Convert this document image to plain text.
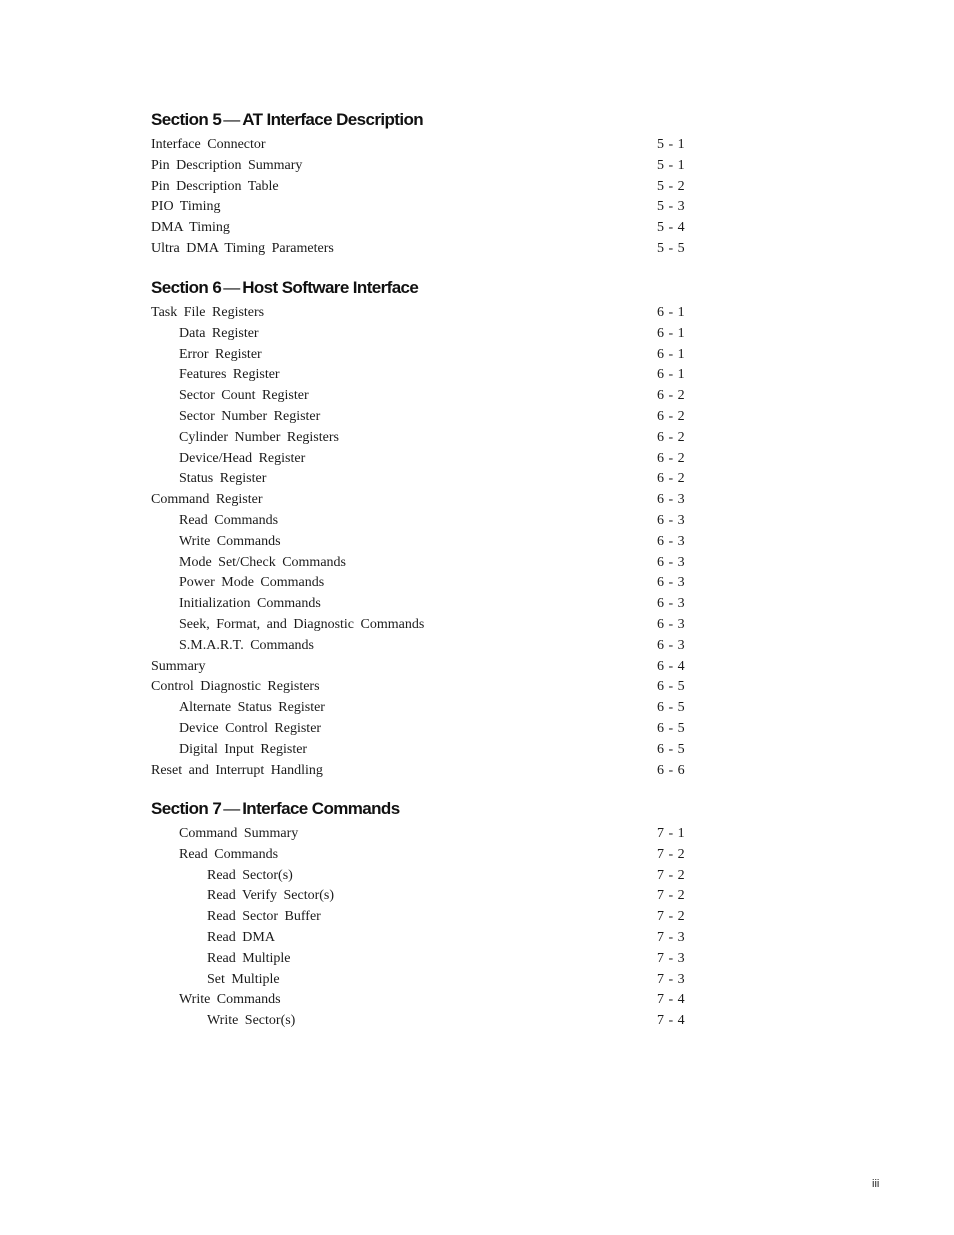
Section 5 — AT Interface Description
Interface Connector	5 - 1
Pin Description Summary	5 - 1
Pin Description Table	5 - 2
PIO Timing	5 - 3
DMA Timing	5 - 4
Ultra DMA Timing Parameters	5 - 5
Section 6 — Host Software Interface
Task File Registers	6 - 1
Data Register	6 - 1
Error Register	6 - 1
Features Register	6 - 1
Sector Count Register	6 - 2
Sector Number Register	6 - 2
Cylinder Number Registers	6 - 2
Device/Head Register	6 - 2
Status Register	6 - 2
Command Register	6 - 3
Read Commands	6 - 3
Write Commands	6 - 3
Mode Set/Check Commands	6 - 3
Power Mode Commands	6 - 3
Initialization Commands	6 - 3
Seek, Format, and Diagnostic Commands	6 - 3
S.M.A.R.T. Commands	6 - 3
Summary	6 - 4
Control Diagnostic Registers	6 - 5
Alternate Status Register	6 - 5
Device Control Register	6 - 5
Digital Input Register	6 - 5
Reset and Interrupt Handling	6 - 6
Section 7 — Interface Commands
Command Summary	7 - 1
Read Commands	7 - 2
Read Sector(s)	7 - 2
Read Verify Sector(s)	7 - 2
Read Sector Buffer	7 - 2
Read DMA	7 - 3
Read Multiple	7 - 3
Set Multiple	7 - 3
Write Commands	7 - 4
Write Sector(s)	7 - 4
iii
